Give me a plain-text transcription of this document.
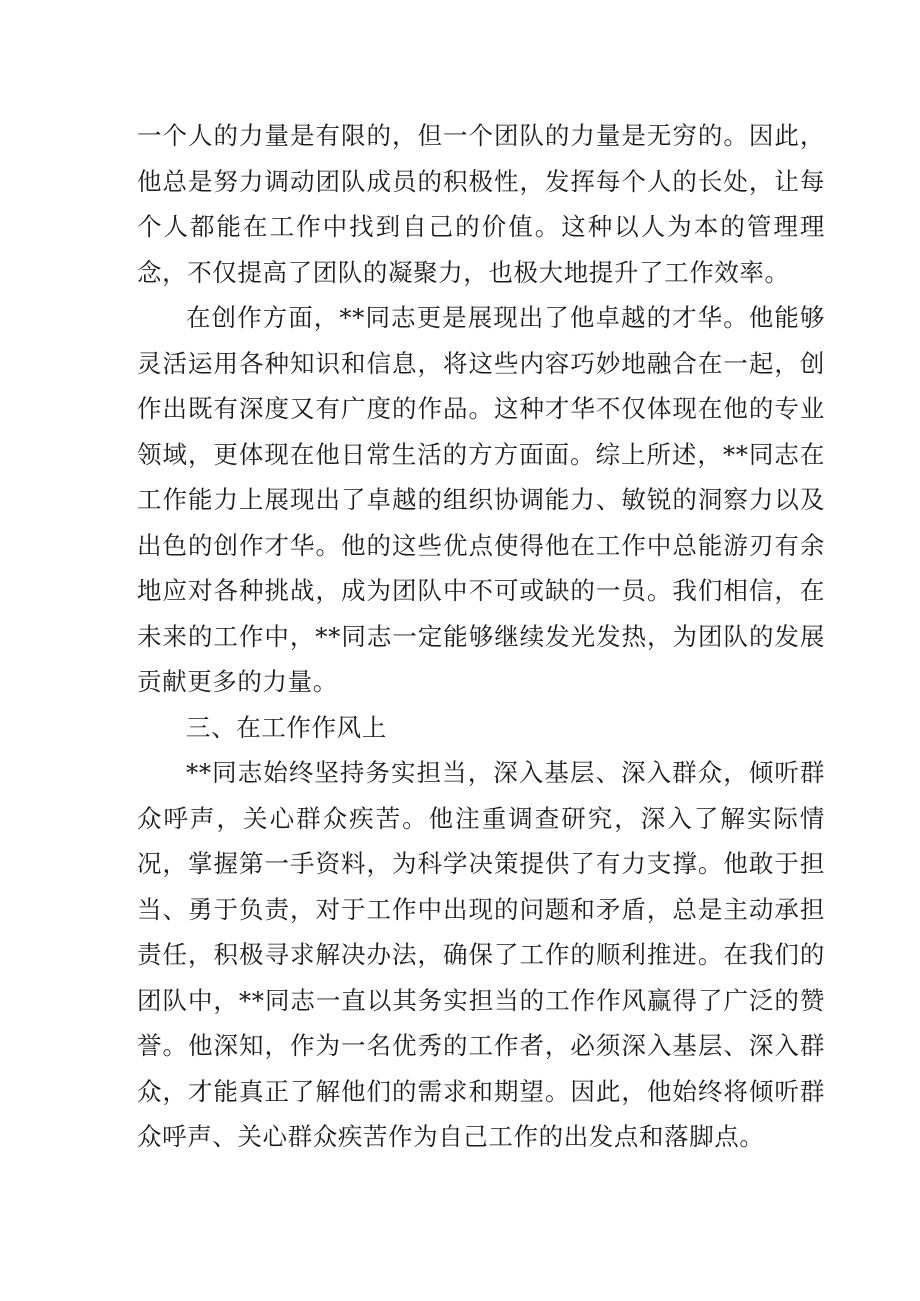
一个人的力量是有限的，但一个团队的力量是无穷的。因此，他总是努力调动团队成员的积极性，发挥每个人的长处，让每个人都能在工作中找到自己的价值。这种以人为本的管理理念，不仅提高了团队的凝聚力，也极大地提升了工作效率。

在创作方面，**同志更是展现出了他卓越的才华。他能够灵活运用各种知识和信息，将这些内容巧妙地融合在一起，创作出既有深度又有广度的作品。这种才华不仅体现在他的专业领域，更体现在他日常生活的方方面面。综上所述，**同志在工作能力上展现出了卓越的组织协调能力、敏锐的洞察力以及出色的创作才华。他的这些优点使得他在工作中总能游刃有余地应对各种挑战，成为团队中不可或缺的一员。我们相信，在未来的工作中，**同志一定能够继续发光发热，为团队的发展贡献更多的力量。

三、在工作作风上

**同志始终坚持务实担当，深入基层、深入群众，倾听群众呼声，关心群众疾苦。他注重调查研究，深入了解实际情况，掌握第一手资料，为科学决策提供了有力支撑。他敢于担当、勇于负责，对于工作中出现的问题和矛盾，总是主动承担责任，积极寻求解决办法，确保了工作的顺利推进。在我们的团队中，**同志一直以其务实担当的工作作风赢得了广泛的赞誉。他深知，作为一名优秀的工作者，必须深入基层、深入群众，才能真正了解他们的需求和期望。因此，他始终将倾听群众呼声、关心群众疾苦作为自己工作的出发点和落脚点。
